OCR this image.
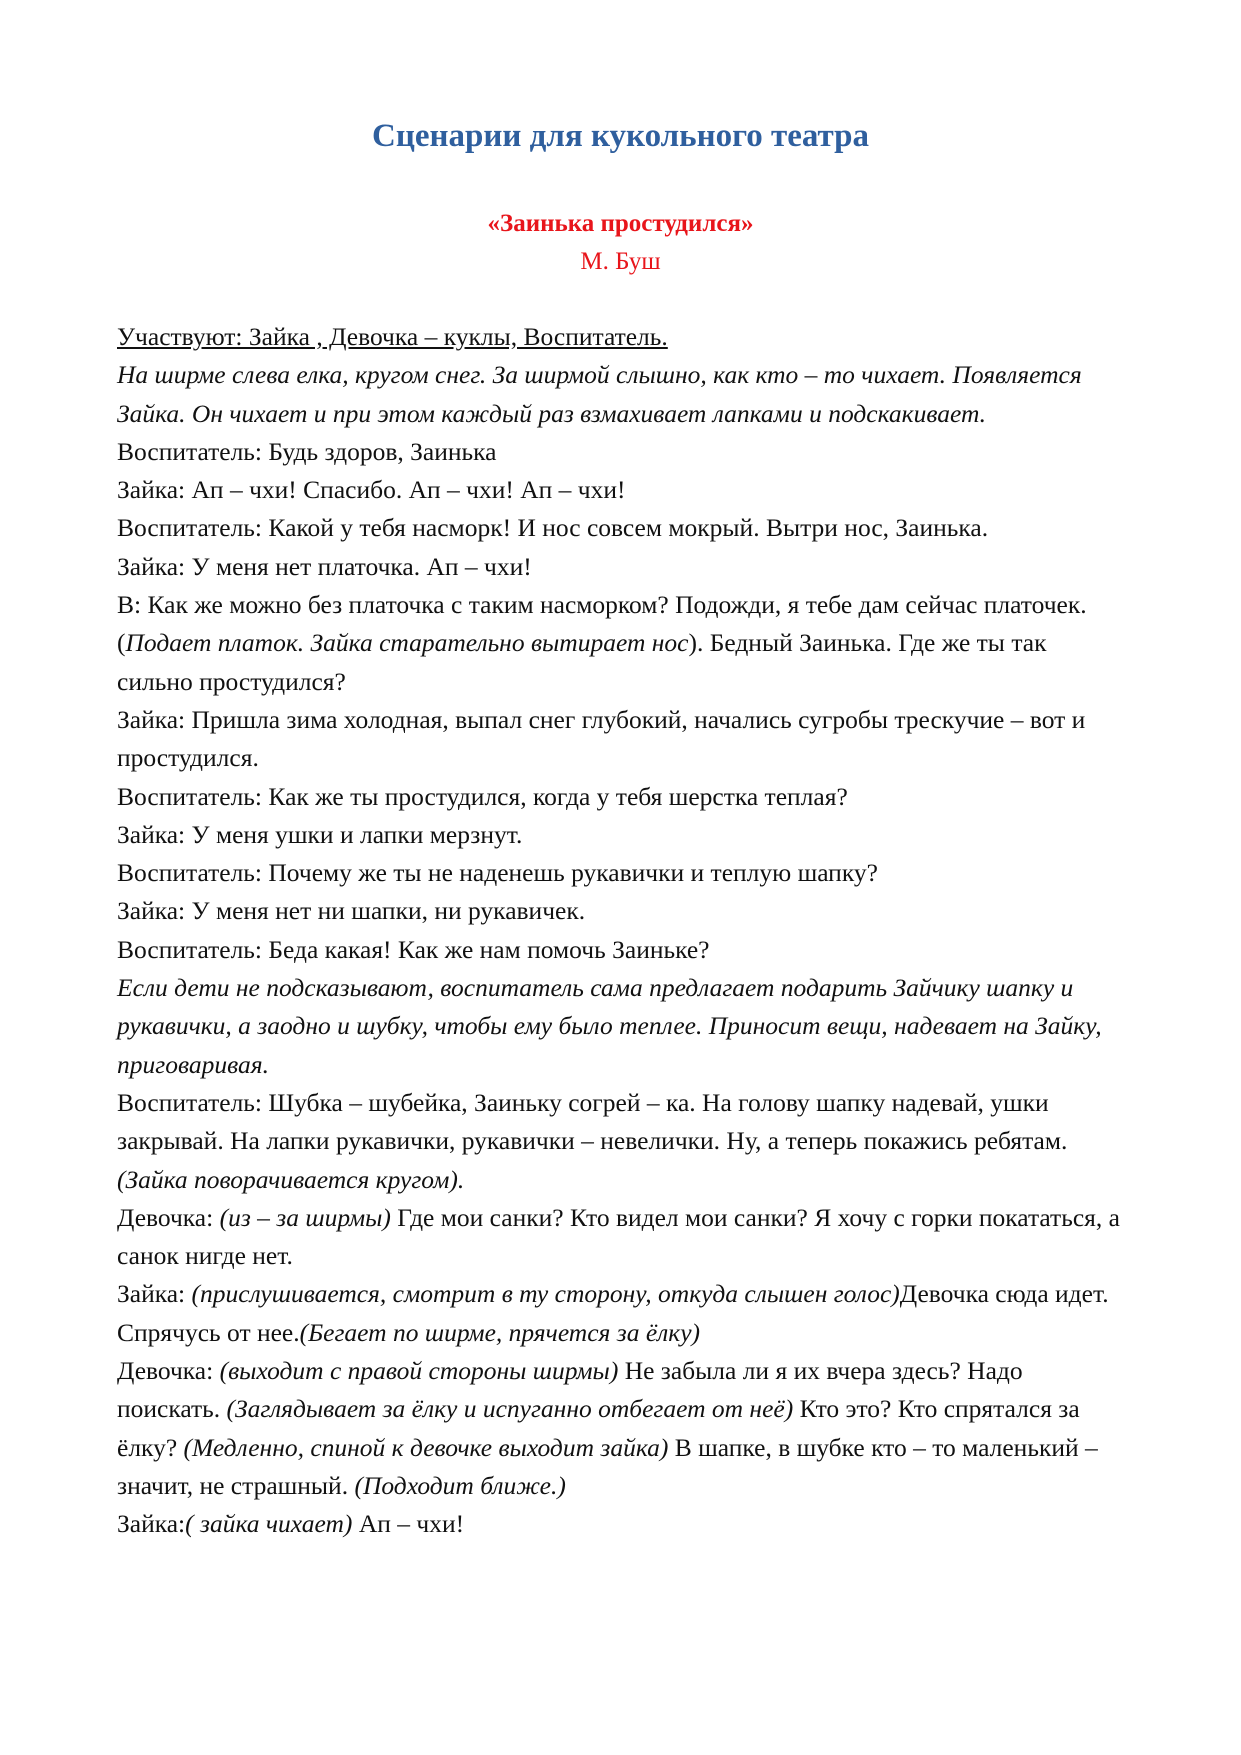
Сценарии для кукольного театра
«Заинька простудился»
М. Буш

Участвуют: Зайка , Девочка – куклы, Воспитатель.

На ширме слева елка, кругом снег. За ширмой слышно, как кто – то чихает. Появляется Зайка. Он чихает и при этом каждый раз взмахивает лапками и подскакивает.

Воспитатель: Будь здоров, Заинька

Зайка: Ап – чхи! Спасибо. Ап – чхи! Ап – чхи!

Воспитатель: Какой у тебя насморк! И нос совсем мокрый. Вытри нос, Заинька.

Зайка: У меня нет платочка. Ап – чхи!

В: Как же можно без платочка с таким насморком? Подожди, я тебе дам сейчас платочек. (Подает платок. Зайка старательно вытирает нос). Бедный Заинька. Где же ты так сильно простудился?

Зайка: Пришла зима холодная, выпал снег глубокий, начались сугробы трескучие – вот и простудился.

Воспитатель: Как же ты простудился, когда у тебя шерстка теплая?

Зайка: У меня ушки и лапки мерзнут.

Воспитатель: Почему же ты не наденешь рукавички и теплую шапку?

Зайка: У меня нет ни шапки, ни рукавичек.

Воспитатель: Беда какая! Как же нам помочь Заиньке?

Если дети не подсказывают, воспитатель сама предлагает подарить Зайчику шапку и рукавички, а заодно и шубку, чтобы ему было теплее. Приносит вещи, надевает на Зайку, приговаривая.

Воспитатель: Шубка – шубейка, Заиньку согрей – ка. На голову шапку надевай, ушки закрывай. На лапки рукавички, рукавички – невелички. Ну, а теперь покажись ребятам.

(Зайка поворачивается кругом).

Девочка: (из – за ширмы) Где мои санки? Кто видел мои санки? Я хочу с горки покататься, а санок нигде нет.

Зайка: (прислушивается, смотрит в ту сторону, откуда слышен голос)Девочка сюда идет. Спрячусь от нее.(Бегает по ширме, прячется за ёлку)

Девочка: (выходит с правой стороны ширмы) Не забыла ли я их вчера здесь? Надо поискать. (Заглядывает за ёлку и испуганно отбегает от неё) Кто это? Кто спрятался за ёлку? (Медленно, спиной к девочке выходит зайка) В шапке, в шубке кто – то маленький – значит, не страшный. (Подходит ближе.)

Зайка:( зайка чихает) Ап – чхи!
